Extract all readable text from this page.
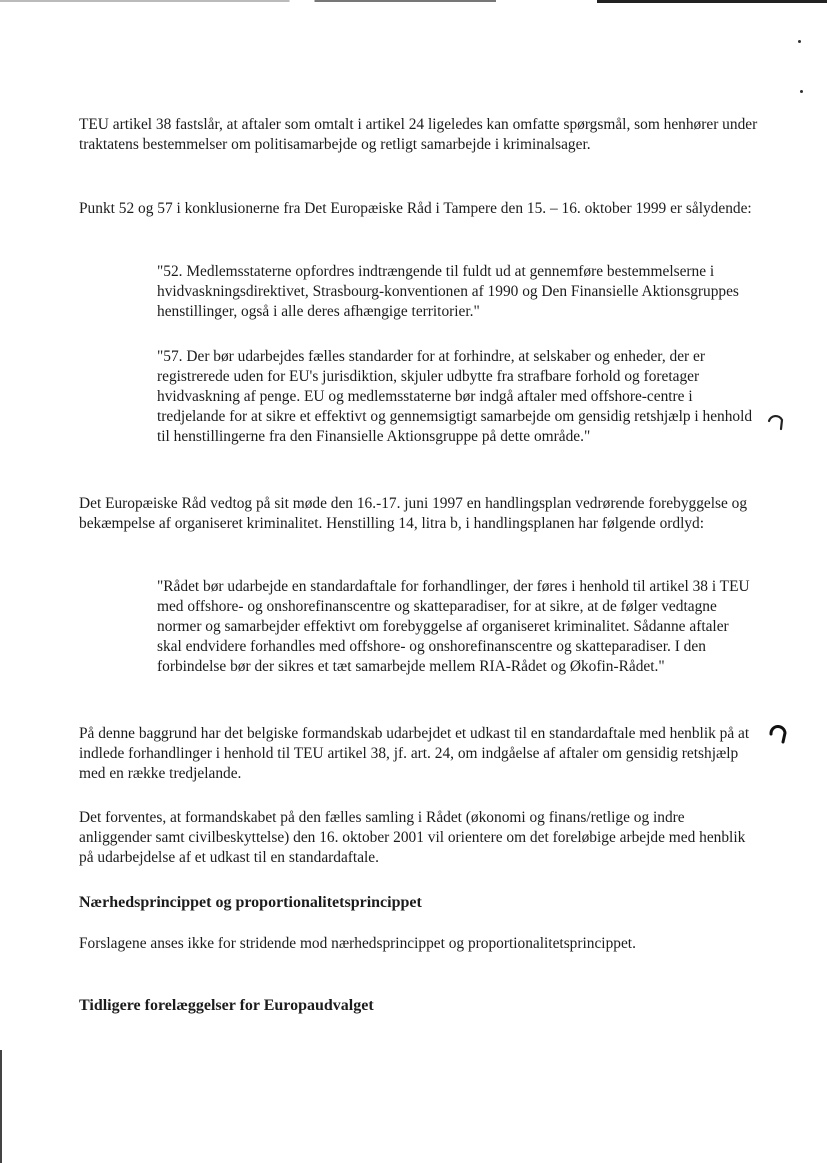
TEU artikel 38 fastslår, at aftaler som omtalt i artikel 24 ligeledes kan omfatte spørgsmål, som henhører under traktatens bestemmelser om politisamarbejde og retligt samarbejde i kriminalsager.

Punkt 52 og 57 i konklusionerne fra Det Europæiske Råd i Tampere den 15. – 16. oktober 1999 er sålydende:

"52. Medlemsstaterne opfordres indtrængende til fuldt ud at gennemføre bestemmelserne i hvidvaskningsdirektivet, Strasbourg-konventionen af 1990 og Den Finansielle Aktionsgruppes henstillinger, også i alle deres afhængige territorier."

"57. Der bør udarbejdes fælles standarder for at forhindre, at selskaber og enheder, der er registrerede uden for EU's jurisdiktion, skjuler udbytte fra strafbare forhold og foretager hvidvaskning af penge. EU og medlemsstaterne bør indgå aftaler med offshore-centre i tredjelande for at sikre et effektivt og gennemsigtigt samarbejde om gensidig retshjælp i henhold til henstillingerne fra den Finansielle Aktionsgruppe på dette område."

Det Europæiske Råd vedtog på sit møde den 16.-17. juni 1997 en handlingsplan vedrørende forebyggelse og bekæmpelse af organiseret kriminalitet. Henstilling 14, litra b, i handlingsplanen har følgende ordlyd:

"Rådet bør udarbejde en standardaftale for forhandlinger, der føres i henhold til artikel 38 i TEU med offshore- og onshorefinanscentre og skatteparadiser, for at sikre, at de følger vedtagne normer og samarbejder effektivt om forebyggelse af organiseret kriminalitet. Sådanne aftaler skal endvidere forhandles med offshore- og onshorefinanscentre og skatteparadiser. I den forbindelse bør der sikres et tæt samarbejde mellem RIA-Rådet og Økofin-Rådet."

På denne baggrund har det belgiske formandskab udarbejdet et udkast til en standardaftale med henblik på at indlede forhandlinger i henhold til TEU artikel 38, jf. art. 24, om indgåelse af aftaler om gensidig retshjælp med en række tredjelande.

Det forventes, at formandskabet på den fælles samling i Rådet (økonomi og finans/retlige og indre anliggender samt civilbeskyttelse) den 16. oktober 2001 vil orientere om det foreløbige arbejde med henblik på udarbejdelse af et udkast til en standardaftale.

Nærhedsprincippet og proportionalitetsprincippet

Forslagene anses ikke for stridende mod nærhedsprincippet og proportionalitetsprincippet.

Tidligere forelæggelser for Europaudvalget
